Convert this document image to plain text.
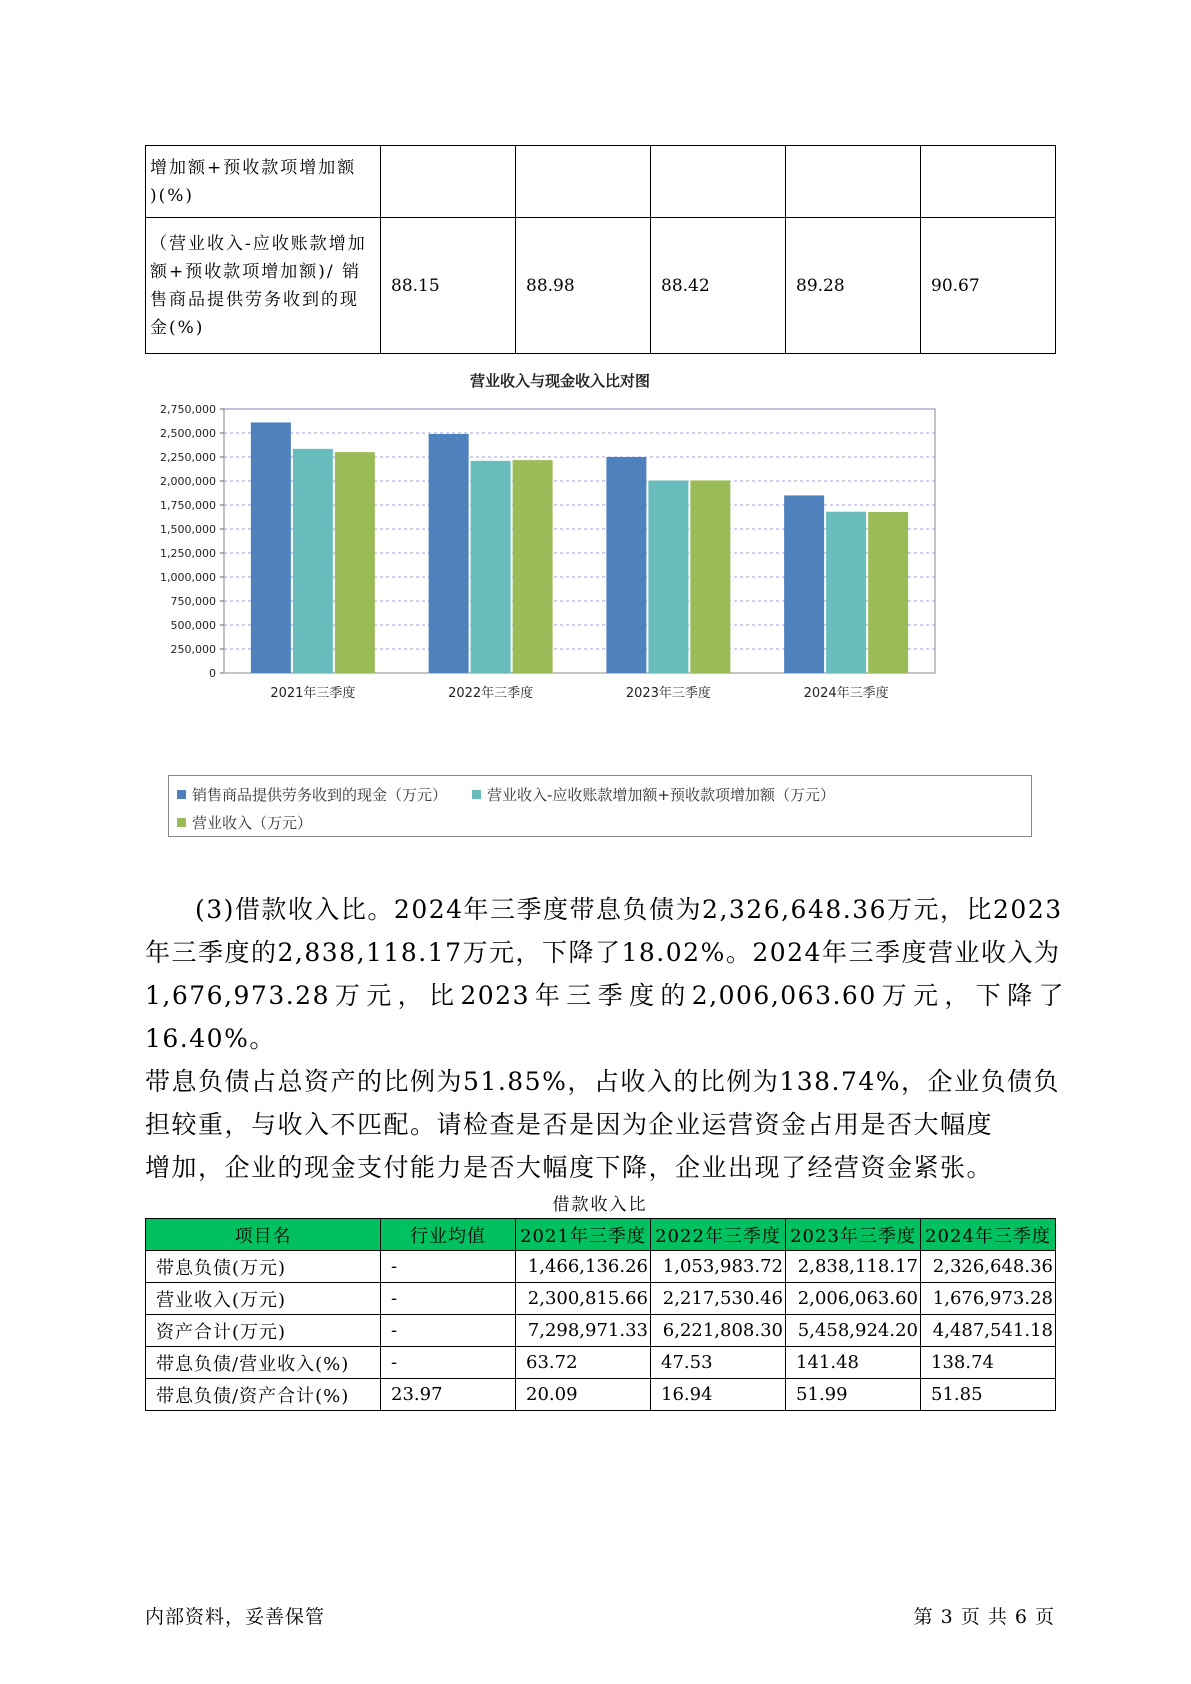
增加额+预收款项增加额
)(%)					

（营业收入-应收账款增加
额+预收款项增加额)/ 销
售商品提供劳务收到的现
金(%)	88.15	88.98	88.42	89.28	90.67
营业收入与现金收入比对图
2,750,000
2,500,000
2,250,000
2,000,000
1,750,000
1,500,000
1,250,000
1,000,000
750,000
500,000
250,000
0
2021年三季度	2022年三季度	2023年三季度	2024年三季度
销售商品提供劳务收到的现金（万元）	营业收入-应收账款增加额+预收款项增加额（万元）
营业收入（万元）
(3)借款收入比。2024年三季度带息负债为2,326,648.36万元，比2023
年三季度的2,838,118.17万元，下降了18.02%。2024年三季度营业收入为
1,676,973.28万元，比2023年三季度的2,006,063.60万元，下降了16.40%。
带息负债占总资产的比例为51.85%，占收入的比例为138.74%，企业负债负
担较重，与收入不匹配。请检查是否是因为企业运营资金占用是否大幅度
增加，企业的现金支付能力是否大幅度下降，企业出现了经营资金紧张。
借款收入比
项目名	行业均值	2021年三季度	2022年三季度	2023年三季度	2024年三季度
带息负债(万元)	-	1,466,136.26	1,053,983.72	2,838,118.17	2,326,648.36
营业收入(万元)	-	2,300,815.66	2,217,530.46	2,006,063.60	1,676,973.28
资产合计(万元)	-	7,298,971.33	6,221,808.30	5,458,924.20	4,487,541.18
带息负债/营业收入(%)	-	63.72	47.53	141.48	138.74
带息负债/资产合计(%)	23.97	20.09	16.94	51.99	51.85
内部资料，妥善保管	第 3 页 共 6 页
